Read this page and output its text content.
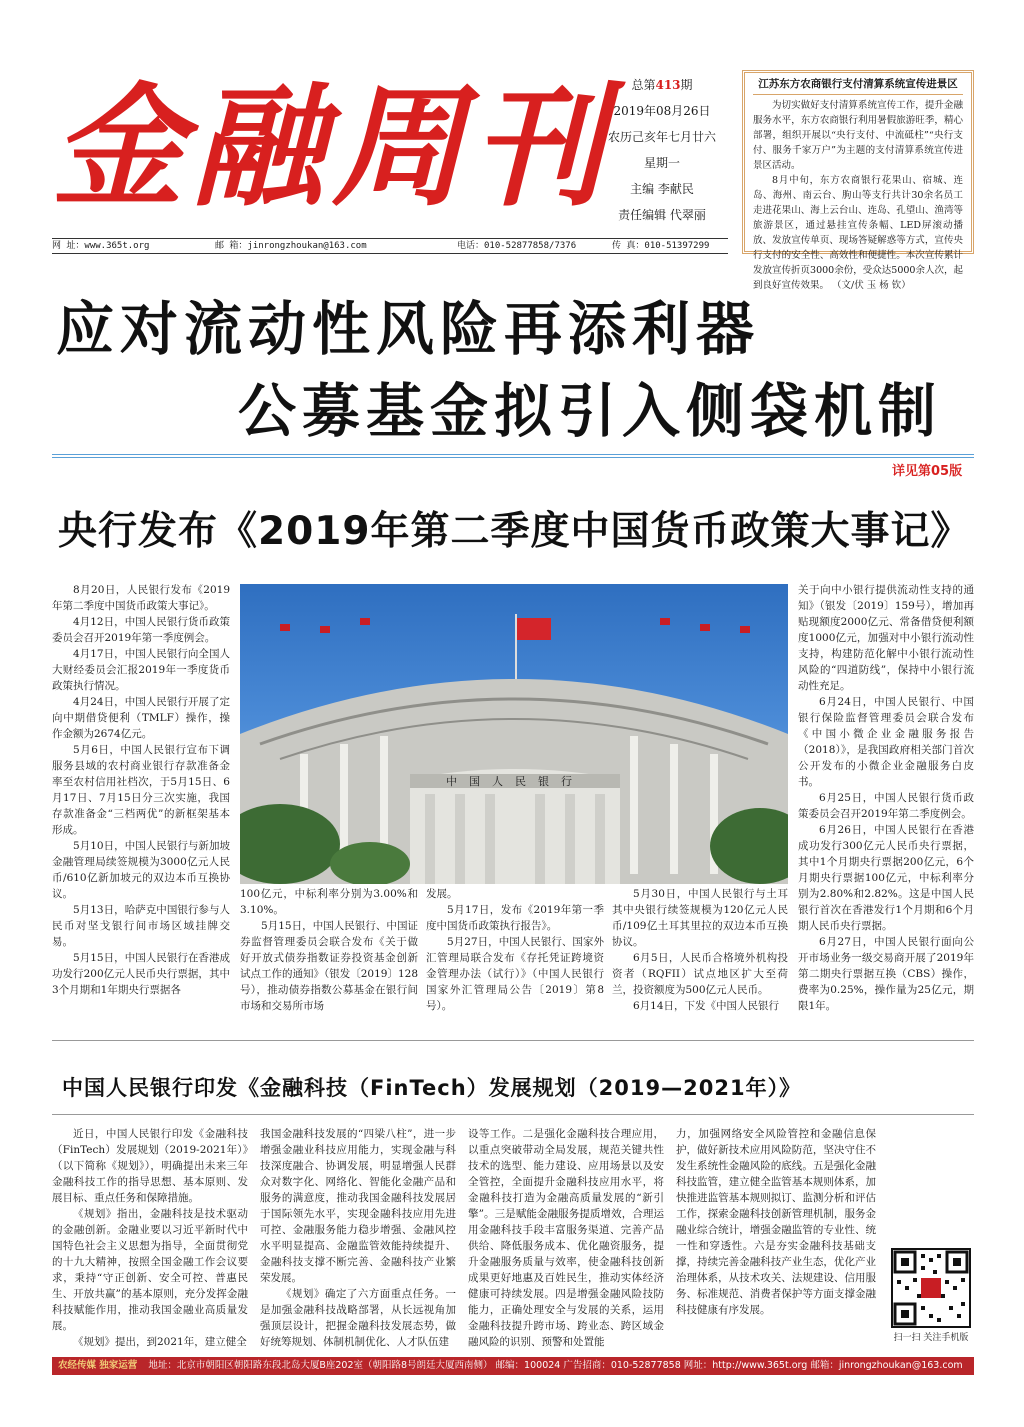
金融周刊	总第413期
2019年08月26日
农历己亥年七月廿六
星期一
主编 李献民
责任编辑 代翠丽
江苏东方农商银行支付清算系统宣传进景区

为切实做好支付清算系统宣传工作，提升金融服务水平，东方农商银行利用暑假旅游旺季，精心部署，组织开展以“央行支付、中流砥柱”“央行支付、服务千家万户”为主题的支付清算系统宣传进景区活动。

8月中旬，东方农商银行花果山、宿城、连岛、海州、南云台、朐山等支行共计30余名员工走进花果山、海上云台山、连岛、孔望山、渔湾等旅游景区，通过悬挂宣传条幅、LED屏滚动播放、发放宣传单页、现场答疑解惑等方式，宣传央行支付的安全性、高效性和便捷性。本次宣传累计发放宣传折页3000余份，受众达5000余人次，起到良好宣传效果。 （文/伏 玉 杨 钦）

网 址：www.365t.org	邮 箱：jinrongzhoukan@163.com	电话：010-52877858/7376	传 真：010-51397299
应对流动性风险再添利器
公募基金拟引入侧袋机制
详见第05版
央行发布《2019年第二季度中国货币政策大事记》

8月20日，人民银行发布《2019年第二季度中国货币政策大事记》。

4月12日，中国人民银行货币政策委员会召开2019年第一季度例会。

4月17日，中国人民银行向全国人大财经委员会汇报2019年一季度货币政策执行情况。

4月24日，中国人民银行开展了定向中期借贷便利（TMLF）操作，操作金额为2674亿元。

5月6日，中国人民银行宣布下调服务县域的农村商业银行存款准备金率至农村信用社档次，于5月15日、6月17日、7月15日分三次实施，我国存款准备金“三档两优”的新框架基本形成。

5月10日，中国人民银行与新加坡金融管理局续签规模为3000亿元人民币/610亿新加坡元的双边本币互换协议。

5月13日，哈萨克中国银行参与人民币对坚戈银行间市场区域挂牌交易。

5月15日，中国人民银行在香港成功发行200亿元人民币央行票据，其中3个月期和1年期央行票据各

中国人民银行

100亿元，中标利率分别为3.00%和3.10%。

5月15日，中国人民银行、中国证券监督管理委员会联合发布《关于做好开放式债券指数证券投资基金创新试点工作的通知》（银发〔2019〕128号），推动债券指数公募基金在银行间市场和交易所市场

发展。

5月17日，发布《2019年第一季度中国货币政策执行报告》。

5月27日，中国人民银行、国家外汇管理局联合发布《存托凭证跨境资金管理办法（试行）》（中国人民银行 国家外汇管理局公告〔2019〕第8号）。

5月30日，中国人民银行与土耳其中央银行续签规模为120亿元人民币/109亿土耳其里拉的双边本币互换协议。

6月5日，人民币合格境外机构投资者（RQFII）试点地区扩大至荷兰，投资额度为500亿元人民币。

6月14日，下发《中国人民银行

关于向中小银行提供流动性支持的通知》（银发〔2019〕159号），增加再贴现额度2000亿元、常备借贷便利额度1000亿元，加强对中小银行流动性支持，构建防范化解中小银行流动性风险的“四道防线”，保持中小银行流动性充足。

6月24日，中国人民银行、中国银行保险监督管理委员会联合发布《中国小微企业金融服务报告（2018）》，是我国政府相关部门首次公开发布的小微企业金融服务白皮书。

6月25日，中国人民银行货币政策委员会召开2019年第二季度例会。

6月26日，中国人民银行在香港成功发行300亿元人民币央行票据，其中1个月期央行票据200亿元，6个月期央行票据100亿元，中标利率分别为2.80%和2.82%。这是中国人民银行首次在香港发行1个月期和6个月期人民币央行票据。

6月27日，中国人民银行面向公开市场业务一级交易商开展了2019年第二期央行票据互换（CBS）操作，费率为0.25%，操作量为25亿元，期限1年。

中国人民银行印发《金融科技（FinTech）发展规划（2019—2021年）》

近日，中国人民银行印发《金融科技（FinTech）发展规划（2019-2021年）》（以下简称《规划》），明确提出未来三年金融科技工作的指导思想、基本原则、发展目标、重点任务和保障措施。

《规划》指出，金融科技是技术驱动的金融创新。金融业要以习近平新时代中国特色社会主义思想为指导，全面贯彻党的十九大精神，按照全国金融工作会议要求，秉持“守正创新、安全可控、普惠民生、开放共赢”的基本原则，充分发挥金融科技赋能作用，推动我国金融业高质量发展。

《规划》提出，到2021年，建立健全

我国金融科技发展的“四梁八柱”，进一步增强金融业科技应用能力，实现金融与科技深度融合、协调发展，明显增强人民群众对数字化、网络化、智能化金融产品和服务的满意度，推动我国金融科技发展居于国际领先水平，实现金融科技应用先进可控、金融服务能力稳步增强、金融风控水平明显提高、金融监管效能持续提升、金融科技支撑不断完善、金融科技产业繁荣发展。

《规划》确定了六方面重点任务。一是加强金融科技战略部署，从长远视角加强顶层设计，把握金融科技发展态势，做好统筹规划、体制机制优化、人才队伍建

设等工作。二是强化金融科技合理应用，以重点突破带动全局发展，规范关键共性技术的选型、能力建设、应用场景以及安全管控，全面提升金融科技应用水平，将金融科技打造为金融高质量发展的“新引擎”。三是赋能金融服务提质增效，合理运用金融科技手段丰富服务渠道、完善产品供给、降低服务成本、优化融资服务，提升金融服务质量与效率，使金融科技创新成果更好地惠及百姓民生，推动实体经济健康可持续发展。四是增强金融风险技防能力，正确处理安全与发展的关系，运用金融科技提升跨市场、跨业态、跨区域金融风险的识别、预警和处置能

力，加强网络安全风险管控和金融信息保护，做好新技术应用风险防范，坚决守住不发生系统性金融风险的底线。五是强化金融科技监管，建立健全监管基本规则体系，加快推进监管基本规则拟订、监测分析和评估工作，探索金融科技创新管理机制，服务金融业综合统计，增强金融监管的专业性、统一性和穿透性。六是夯实金融科技基础支撑，持续完善金融科技产业生态，优化产业治理体系，从技术攻关、法规建设、信用服务、标准规范、消费者保护等方面支撑金融科技健康有序发展。

扫一扫 关注手机版
农经传媒 独家运营 地址：北京市朝阳区朝阳路东段北岛大厦B座202室（朝阳路8号朗廷大厦西南侧） 邮编：100024 广告招商：010-52877858 网址：http://www.365t.org 邮箱：jinrongzhoukan@163.com
